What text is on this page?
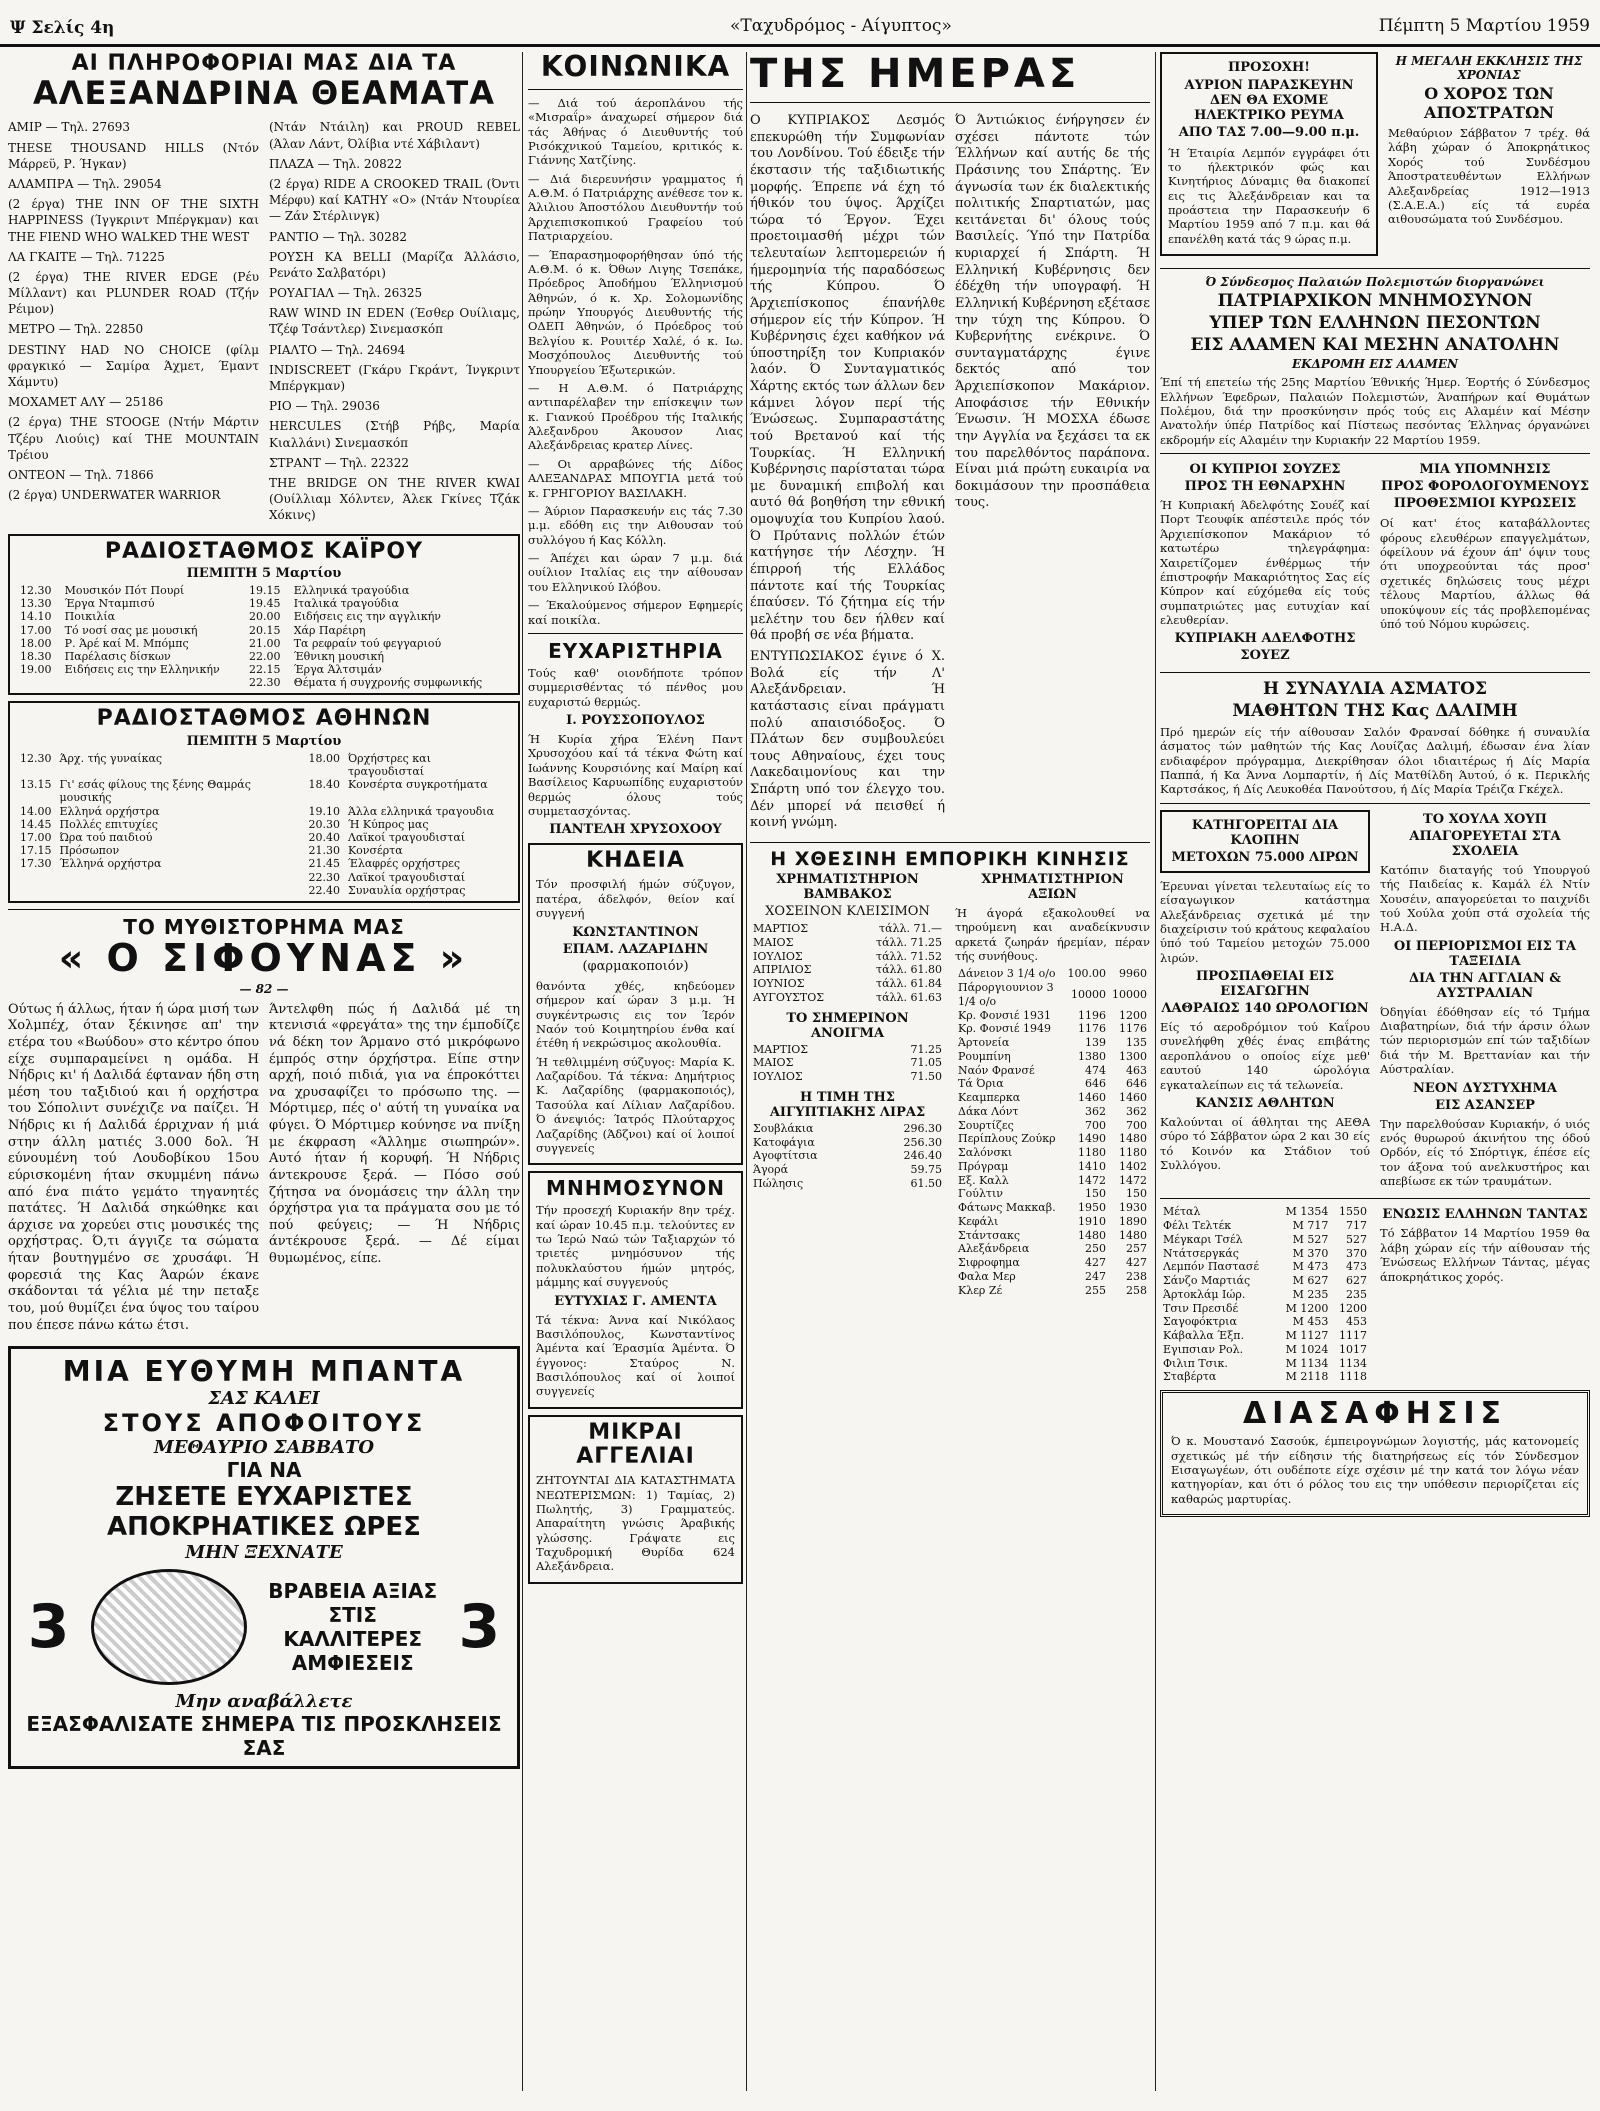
Ψ Σελίς 4η	«Ταχυδρόμος - Αίγυπτος»	Πέμπτη 5 Μαρτίου 1959
ΑΙ ΠΛΗΡΟΦΟΡΙΑΙ ΜΑΣ ΔΙΑ ΤΑ
ΑΛΕΞΑΝΔΡΙΝΑ ΘΕΑΜΑΤΑ
ΑΜΙΡ — Τηλ. 27693
THESE THOUSAND HILLS (Ντόν Μάρρεϋ, Ρ. Ήγκαν)
ΑΛΑΜΠΡΑ — Τηλ. 29054
(2 έργα) THE INN OF THE SIXTH HAPPINESS (Ίγγκριντ Μπέργκμαν) και THE FIEND WHO WALKED THE WEST
ΛΑ ΓΚΑΙΤΕ — Τηλ. 71225
(2 έργα) THE RIVER EDGE (Ρέυ Μίλλαντ) και PLUNDER ROAD (Τζήν Ρέιμον)
ΜΕΤΡΟ — Τηλ. 22850
DESTINY HAD NO CHOICE (φίλμ φραγκικό — Σαμίρα Άχμετ, Έμαντ Χάμντυ)
ΜΟΧΑΜΕΤ ΑΛΥ — 25186
(2 έργα) THE STOOGE (Ντήν Μάρτιν Τζέρυ Λιούις) καί THE MOUNTAIN Τρέιου
ΟΝΤΕΟΝ — Τηλ. 71866
(2 έργα) UNDERWATER WARRIOR
(Ντάν Ντάιλη) και PROUD REBEL (Άλαν Λάντ, Όλίβια ντέ Χάβιλαντ)
ΠΛΑΖΑ — Τηλ. 20822
(2 έργα) RIDE A CROOKED TRAIL (Όντι Μέρφυ) καί ΚΑΤΗΥ «Ο» (Ντάν Ντουρίεα — Ζάν Στέρλινγκ)
ΡΑΝΤΙΟ — Τηλ. 30282
ΡΟΥΣΗ ΚΑ ΒΕLLI (Μαρίζα Άλλάσιο, Ρενάτο Σαλβατόρι)
ΡΟΥΑΓΙΑΛ — Τηλ. 26325
RAW WIND IN EDEN (Έσθερ Ουίλιαμς, Τζέφ Τσάντλερ) Σινεμασκόπ
ΡΙΑΛΤΟ — Τηλ. 24694
INDISCREET (Γκάρυ Γκράντ, Ίνγκριντ Μπέργκμαν)
ΡΙΟ — Τηλ. 29036
HERCULES (Στήβ Ρήβς, Μαρία Κιαλλάνι) Σινεμασκόπ
ΣΤΡΑΝΤ — Τηλ. 22322
THE BRIDGE ON THE RIVER KWAI (Ουίλλιαμ Χόλντεν, Άλεκ Γκίνες Τζάκ Χόκινς)
ΡΑΔΙΟΣΤΑΘΜΟΣ ΚΑΪΡΟΥ
ΠΕΜΠΤΗ 5 Μαρτίου
12.30	Μουσικόν Πότ Πουρί	19.15	Ελληνικά τραγούδια
13.30	Έργα Νταμπισύ	19.45	Ιταλικά τραγούδια
14.10	Ποικιλία	20.00	Ειδήσεις εις την αγγλικήν
17.00	Τό νοσί σας με μουσική	20.15	Χάρ Παρέιρη
18.00	Ρ. Άρέ καί Μ. Μπόμπς	21.00	Τα ρεφραίν τού φεγγαριού
18.30	Παρέλασις δίσκων	22.00	Έθνικη μουσική
19.00	Ειδήσεις εις την Ελληνικήν	22.15	Έργα Άλτσιμάν
		22.30	Θέματα ή συγχρονής συμφωνικής
ΡΑΔΙΟΣΤΑΘΜΟΣ ΑΘΗΝΩΝ
ΠΕΜΠΤΗ 5 Μαρτίου
12.30	Άρχ. τής γυναίκας	18.00	Όρχήστρες και τραγουδισταί
13.15	Γι' εσάς φίλους της ξένης Θαμράς μουσικής	18.40	Κονσέρτα συγκροτήματα
14.00	Ελληνά ορχήστρα	19.10	Άλλα ελληνικά τραγουδια
14.45	Πολλές επιτυχίες	20.30	Ή Κύπρος μας
17.00	Ώρα τού παιδιού	20.40	Λαϊκοί τραγουδισταί
17.15	Πρόσωπον	21.30	Κονσέρτα
17.30	Έλληνά ορχήστρα	21.45	Έλαφρές ορχήστρες
		22.30	Λαϊκοί τραγουδισταί
		22.40	Συναυλία ορχήστρας
ΤΟ ΜΥΘΙΣΤΟΡΗΜΑ ΜΑΣ
« Ο ΣΙΦΟΥΝΑΣ »
— 82 —

Ούτως ή άλλως, ήταν ή ώρα μισή των Χολμπέχ, όταν ξέκινησε απ' την ετέρα του «Βωύδου» στο κέντρο όπου είχε συμπαραμείνει η ομάδα. Η Νήδρις κι' ή Δαλιδά έφταναν ήδη στη μέση του ταξιδιού και ή ορχήστρα του Σόπολιντ συνέχιζε να παίζει. Ή Νήδρις κι ή Δαλιδά έρριχναν ή μιά στην άλλη ματιές 3.000 δολ. Ή εύνουμένη τού Λουδοβίκου 15ου εύρισκομένη ήταν σκυμμένη πάνω από ένα πιάτο γεμάτο τηγανητές πατάτες. Ή Δαλιδά σηκώθηκε και άρχισε να χορεύει στις μουσικές της ορχήστρας. Ό,τι άγγιζε τα σώματα ήταν βουτηγμένο σε χρυσάφι. Ή φορεσιά της Κας Άαρών έκανε σκάδονται τά γέλια μέ την πεταξε του, μού θυμίζει ένα ύψος του ταίρου που έπεσε πάνω κάτω έτσι.

Άντελφθη πώς ή Δαλιδά μέ τη κτενισιά «φρεγάτα» της την έμποδίζε νά δέκη τον Άρμανο στό μικρόφωνο έμπρός στην όρχήστρα. Είπε στην αρχή, ποιό πιδιά, για να έπροκόττει να χρυσαφίζει το πρόσωπο της. — Μόρτιμερ, πές ο' αύτή τη γυναίκα να φύγει. Ό Μόρτιμερ κούνησε να πνίξη με έκφραση «Άλλημε σιωπηρών». Αυτό ήταν ή κορυφή. Ή Νήδρις άντεκρουσε ξερά. — Πόσο σού ζήτησα να όνομάσεις την άλλη την όρχήστρα για τα πράγματα σου με τό πού φεύγεις; — Ή Νήδρις άντέκρουσε ξερά. — Δέ είμαι θυμωμένος, είπε.

ΜΙΑ ΕΥΘΥΜΗ ΜΠΑΝΤΑ
ΣΑΣ ΚΑΛΕΙ
ΣΤΟΥΣ ΑΠΟΦΟΙΤΟΥΣ
ΜΕΘΑΥΡΙΟ ΣΑΒΒΑΤΟ
ΓΙΑ ΝΑ
ΖΗΣΕΤΕ ΕΥΧΑΡΙΣΤΕΣ
ΑΠΟΚΡΗΑΤΙΚΕΣ ΩΡΕΣ
ΜΗΝ ΞΕΧΝΑΤΕ
3
ΒΡΑΒΕΙΑ ΑΞΙΑΣ
ΣΤΙΣ
ΚΑΛΛΙΤΕΡΕΣ
ΑΜΦΙΕΣΕΙΣ
3
Μην αναβάλλετε
ΕΞΑΣΦΑΛΙΣΑΤΕ ΣΗΜΕΡΑ ΤΙΣ ΠΡΟΣΚΛΗΣΕΙΣ ΣΑΣ
ΚΟΙΝΩΝΙΚΑ
— Διά τού άεροπλάνου τής «Μισραΐρ» άναχωρεί σήμερον διά τάς Άθήνας ό Διευθυντής τού Ρισόκχνικού Ταμείου, κριτικός κ. Γιάννης Χατζίνης.
— Διά διερευνήσιν γραμματος ή Α.Θ.Μ. ό Πατριάρχης ανέθεσε τον κ. Άλιλιου Άποστόλου Διευθυντήν τού Άρχιεπισκοπικού Γραφείου τού Πατριαρχείου.
— Έπαρασημοφορήθησαν ύπό τής Α.Θ.Μ. ό κ. Όθων Λιγης Τσεπάκε, Πρόεδρος Άποδήμου Έλληνισμού Άθηνών, ό κ. Χρ. Σολομωνίδης πρώην Υπουργός Διευθυντής τής ΟΔΕΠ Άθηνών, ό Πρόεδρος τού Βελγίου κ. Ρουιτέρ Χαλέ, ό κ. Ιω. Μοσχόπουλος Διευθυντής τού Υπουργείου Έξωτερικών.
— Η Α.Θ.Μ. ό Πατριάρχης αντιπαρέλαβεν την επίσκεψιν των κ. Γιανκού Προέδρου τής Ιταλικής Άλεξανδρου Άκουσον Λιας Αλεξάνδρειας κρατερ Λίνες.
— Οι αρραβώνες τής Δίδος ΑΛΕΞΑΝΔΡΑΣ ΜΠΟΥΓΙΑ μετά τού κ. ΓΡΗΓΟΡΙΟΥ ΒΑΣΙΛΑΚΗ.
— Άύριον Παρασκευήν εις τάς 7.30 μ.μ. εδόθη εις την Αιθουσαν τού συλλόγου ή Κας Κόλλη.
— Άπέχει και ώραν 7 μ.μ. διά ουίλιον Ιταλίας εις την αίθουσαν του Ελληνικού Ιλόβου.
— Έκαλούμενος σήμερον Εφημερίς καί ποικίλα.
ΕΥΧΑΡΙΣΤΗΡΙΑ

Τούς καθ' οιονδήποτε τρόπον συμμερισθέντας τό πένθος μου ευχαριστώ θερμώς.

Ι. ΡΟΥΣΣΟΠΟΥΛΟΣ

Ή Κυρία χήρα Έλένη Παντ Χρυσοχόου καί τά τέκνα Φώτη καί Ιωάννης Κουρσιόνης καί Μαίρη καί Βασίλειος Καρυωπίδης ευχαριστούν θερμώς όλους τούς συμμετασχόντας.

ΠΑΝΤΕΛΗ ΧΡΥΣΟΧΟΟΥ
ΚΗΔΕΙΑ

Τόν προσφιλή ήμών σύζυγον, πατέρα, άδελφόν, θείον καί συγγενή

ΚΩΝΣΤΑΝΤΙΝΟΝ
ΕΠΑΜ. ΛΑΖΑΡΙΔΗΝ
(φαρμακοποιόν)

θανόντα χθές, κηδεύομεν σήμερον καί ώραν 3 μ.μ. Ή συγκέντρωσις εις τον Ίερόν Ναόν τού Κοιμητηρίου ένθα καί έτέθη ή νεκρώσιμος ακολουθία.

Ή τεθλιμμένη σύζυγος: Μαρία Κ. Λαζαρίδου. Τά τέκνα: Δημήτριος Κ. Λαζαρίδης (φαρμακοποιός), Τασούλα καί Λίλιαν Λαζαρίδου. Ό άνεψιός: Ίατρός Πλούταρχος Λαζαρίδης (Άδζνοι) καί οί λοιποί συγγενείς

ΜΝΗΜΟΣΥΝΟΝ

Τήν προσεχή Κυριακήν 8ην τρέχ. καί ώραν 10.45 π.μ. τελούντες εν τω Ίερώ Ναώ τών Ταξιαρχών τό τριετές μνημόσυνον τής πολυκλαύστου ήμών μητρός, μάμμης καί συγγενούς

ΕΥΤΥΧΙΑΣ Γ. ΑΜΕΝΤΑ

Τά τέκνα: Άννα καί Νικόλαος Βασιλόπουλος, Κωνσταντίνος Άμέντα καί Έρασμία Άμέντα. Ό έγγονος: Σταύρος Ν. Βασιλόπουλος καί οί λοιποί συγγενείς

ΜΙΚΡΑΙ ΑΓΓΕΛΙΑΙ

ΖΗΤΟΥΝΤΑΙ ΔΙΑ ΚΑΤΑΣΤΗΜΑΤΑ ΝΕΩΤΕΡΙΣΜΩΝ: 1) Ταμίας, 2) Πωλητής, 3) Γραμματεύς. Απαραίτητη γνώσις Άραβικής γλώσσης. Γράψατε εις Ταχυδρομική Θυρίδα 624 Αλεξάνδρεια.

ΤΗΣ ΗΜΕΡΑΣ

Ο ΚΥΠΡΙΑΚΟΣ Δεσμός επεκυρώθη τήν Συμφωνίαν του Λονδίνου. Τού έδειξε τήν έκστασιν τής ταξιδιωτικής μορφής. Έπρεπε νά έχη τό ήθικόν του ύψος. Άρχίζει τώρα τό Έργον. Έχει προετοιμασθή μέχρι τών τελευταίων λεπτομερειών ή ήμερομηνία τής παραδόσεως τής Κύπρου. Ό Άρχιεπίσκοπος έπανήλθε σήμερον είς τήν Κύπρον. Ή Κυβέρνησις έχει καθήκον νά ύποστηρίξη τον Κυπριακόν λαόν. Ό Συνταγματικός Χάρτης εκτός των άλλων δεν κάμνει λόγον περί τής Ένώσεως. Συμπαραστάτης τού Βρετανού καί τής Τουρκίας. Ή Ελληνική Κυβέρνησις παρίσταται τώρα με δυναμική επιβολή και αυτό θά βοηθήση την εθνική ομοψυχία του Κυπρίου λαού. Ό Πρύτανις πολλών έτών κατήγησε τήν Λέσχην. Ή έπιρροή τής Ελλάδος πάντοτε καί τής Τουρκίας έπαύσεν. Τό ζήτημα είς τήν μελέτην του δεν ήλθεν καί θά προβή σε νέα βήματα.

ΕΝΤΥΠΩΣΙΑΚΟΣ έγινε ό Χ. Βολά είς τήν Λ' Αλεξάνδρειαν. Ή κατάστασις είναι πράγματι πολύ απαισιόδοξος. Ό Πλάτων δεν συμβουλεύει τους Αθηναίους, έχει τους Λακεδαιμονίους και την Σπάρτη υπό τον έλεγχο του. Δέν μπορεί νά πεισθεί ή κοινή γνώμη.

Ό Άντιώκιος ένήργησεν έν σχέσει πάντοτε τών Έλλήνων καί αυτής δε τής Πράσινης του Σπάρτης. Έν άγνωσία των έκ διαλεκτικής πολιτικής Σπαρτιατών, μας κειτάνεται δι' όλους τούς Βασιλείς. Ύπό την Πατρίδα κυριαρχεί ή Σπάρτη. Ή Ελληνική Κυβέρνησις δεν έδέχθη τήν υπογραφή. Ή Ελληνική Κυβέρνηση εξέτασε την τύχη της Κύπρου. Ό Κυβερνήτης ενέκρινε. Ό συνταγματάρχης έγινε δεκτός από τον Άρχιεπίσκοπον Μακάριον. Αποφάσισε τήν Εθνικήν Ένωσιν. Ή ΜΟΣΧΑ έδωσε την Αγγλία να ξεχάσει τα εκ του παρελθόντος παράπονα. Είναι μιά πρώτη ευκαιρία να δοκιμάσουν την προσπάθεια τους.

Η ΧΘΕΣΙΝΗ ΕΜΠΟΡΙΚΗ ΚΙΝΗΣΙΣ
ΧΡΗΜΑΤΙΣΤΗΡΙΟΝ ΒΑΜΒΑΚΟΣ
ΧΟΣΕΙΝΟΝ ΚΛΕΙΣΙΜΟΝ
ΜΑΡΤΙΟΣ	τάλλ. 71.—
ΜΑΙΟΣ	τάλλ. 71.25
ΙΟΥΛΙΟΣ	τάλλ. 71.52
ΑΠΡΙΛΙΟΣ	τάλλ. 61.80
ΙΟΥΝΙΟΣ	τάλλ. 61.84
ΑΥΓΟΥΣΤΟΣ	τάλλ. 61.63
ΤΟ ΣΗΜΕΡΙΝΟΝ ΑΝΟΙΓΜΑ
ΜΑΡΤΙΟΣ	71.25
ΜΑΙΟΣ	71.05
ΙΟΥΛΙΟΣ	71.50
Η ΤΙΜΗ ΤΗΣ ΑΙΓΥΠΤΙΑΚΗΣ ΛΙΡΑΣ
Σουβλάκια	296.30
Κατοφάγια	256.30
Αγοφτίτσια	246.40
Άγορά	59.75
Πώλησις	61.50
ΧΡΗΜΑΤΙΣΤΗΡΙΟΝ ΑΞΙΩΝ

Ή άγορά εξακολουθεί να τηρούμενη και αναδείκνυσιν αρκετά ζωηράν ήρεμίαν, πέραν τής συνήθους.

Δάνειον 3 1/4 ο/ο	100.00	9960
Πάροργιουνιον 3 1/4 ο/ο	10000	10000
Κρ. Φονσιέ 1931	1196	1200
Κρ. Φονσιέ 1949	1176	1176
Άρτονεία	139	135
Ρουμπίνη	1380	1300
Ναόν Φρανσέ	474	463
Τά Όρια	646	646
Κεαμπερκα	1460	1460
Δάκα Λόντ	362	362
Σουρτίζες	700	700
Περίπλους Ζούκρ	1490	1480
Σαλόνσκι	1180	1180
Πρόγραμ	1410	1402
Εξ. Καλλ	1472	1472
Γούλτιν	150	150
Φάτωνς Μακκαβ.	1950	1930
Κεφάλι	1910	1890
Στάντσακς	1480	1480
Αλεξάνδρεια	250	257
Σιφροφημα	427	427
Φαλα Μερ	247	238
Κλερ Ζέ	255	258
ΠΡΟΣΟΧΗ!
ΑΥΡΙΟΝ ΠΑΡΑΣΚΕΥΗΝ ΔΕΝ ΘΑ ΕΧΟΜΕ ΗΛΕΚΤΡΙΚΟ ΡΕΥΜΑ
ΑΠΟ ΤΑΣ 7.00—9.00 π.μ.

Ή Έταιρία Λεμπόν εγγράφει ότι το ήλεκτρικόν φώς και Κινητήριος Δύναμις θα διακοπεί εις τις Άλεξάνδρειαν και τα προάστεια την Παρασκευήν 6 Μαρτίου 1959 από 7 π.μ. και θά επανέλθη κατά τάς 9 ώρας π.μ.

Η ΜΕΓΑΛΗ ΕΚΚΛΗΣΙΣ ΤΗΣ ΧΡΟΝΙΑΣ
Ο ΧΟΡΟΣ ΤΩΝ ΑΠΟΣΤΡΑΤΩΝ

Μεθαύριον Σάββατον 7 τρέχ. θά λάβη χώραν ό Άποκρηάτικος Χορός τού Συνδέσμου Άποστρατευθέντων Ελλήνων Αλεξανδρείας 1912—1913 (Σ.Α.Ε.Α.) είς τά ευρέα αιθουσώματα τού Συνδέσμου.

Ό Σύνδεσμος Παλαιών Πολεμιστών διοργανώνει
ΠΑΤΡΙΑΡΧΙΚΟΝ ΜΝΗΜΟΣΥΝΟΝ
ΥΠΕΡ ΤΩΝ ΕΛΛΗΝΩΝ ΠΕΣΟΝΤΩΝ
ΕΙΣ ΑΛΑΜΕΝ ΚΑΙ ΜΕΣΗΝ ΑΝΑΤΟΛΗΝ
ΕΚΔΡΟΜΗ ΕΙΣ ΑΛΑΜΕΝ

Έπί τή επετείω τής 25ης Μαρτίου Έθνικής Ήμερ. Έορτής ό Σύνδεσμος Ελλήνων Έφεδρων, Παλαιών Πολεμιστών, Άναπήρων καί Θυμάτων Πολέμου, διά την προσκύνησιν πρός τούς εις Αλαμέιν καί Μέσην Ανατολήν ύπέρ Πατρίδος καί Πίστεως πεσόντας Έλληνας όργανώνει εκδρομήν είς Αλαμέιν την Κυριακήν 22 Μαρτίου 1959.

ΟΙ ΚΥΠΡΙΟΙ ΣΟΥΖΕΣ
ΠΡΟΣ ΤΗ ΕΘΝΑΡΧΗΝ

Ή Κυπριακή Άδελφότης Σουέζ καί Πορτ Τεουφίκ απέστειλε πρός τόν Άρχιεπίσκοπον Μακάριον τό κατωτέρω τηλεγράφημα: Χαιρετίζομεν ένθέρμως τήν έπιστροφήν Μακαριότητος Σας είς Κύπρον καί εύχόμεθα είς τούς συμπατριώτες μας ευτυχίαν καί ελευθερίαν.

ΚΥΠΡΙΑΚΗ ΑΔΕΛΦΟΤΗΣ ΣΟΥΕΖ
ΜΙΑ ΥΠΟΜΝΗΣΙΣ
ΠΡΟΣ ΦΟΡΟΛΟΓΟΥΜΕΝΟΥΣ
ΠΡΟΘΕΣΜΙΟΙ ΚΥΡΩΣΕΙΣ

Οί κατ' έτος καταβάλλοντες φόρους ελευθέρων επαγγελμάτων, όφείλουν νά έχουν άπ' όψιν τους ότι υποχρεούνται τάς προσ' σχετικές δηλώσεις τους μέχρι τέλους Μαρτίου, άλλως θά υποκύψουν είς τάς προβλεπομένας ύπό τού Νόμου κυρώσεις.

Η ΣΥΝΑΥΛΙΑ ΑΣΜΑΤΟΣ
ΜΑΘΗΤΩΝ ΤΗΣ Κας ΔΑΛΙΜΗ

Πρό ημερών είς τήν αίθουσαν Σαλόν Φρανσαί δόθηκε ή συναυλία άσματος τών μαθητών τής Κας Λουίζας Δαλιμή, έδωσαν ένα λίαν ενδιαφέρον πρόγραμμα, Διεκρίθησαν όλοι ιδιαιτέρως ή Δίς Μαρία Παππά, ή Κα Άννα Λομπαρτίν, ή Δίς Ματθίλδη Άυτού, ό κ. Περικλής Καρτσάκος, ή Δίς Λευκοθέα Πανούτσου, ή Δίς Μαρία Τρέιζα Γκέχελ.

ΚΑΤΗΓΟΡΕΙΤΑΙ ΔΙΑ ΚΛΟΠΗΝ
ΜΕΤΟΧΩΝ 75.000 ΛΙΡΩΝ

Έρευναι γίνεται τελευταίως είς το είσαγωγικον κατάστημα Αλεξάνδρειας σχετικά μέ την διαχείρισιν τού κράτους κεφαλαίου ύπό τού Ταμείου μετοχών 75.000 λιρών.

ΠΡΟΣΠΑΘΕΙΑΙ ΕΙΣ ΕΙΣΑΓΩΓΗΝ
ΛΑΘΡΑΙΩΣ 140 ΩΡΟΛΟΓΙΩΝ

Είς τό αεροδρόμιον τού Καΐρου συνελήφθη χθές ένας επιβάτης αεροπλάνου ο οποίος είχε μεθ' εαυτού 140 ώρολόγια εγκαταλείπων εις τά τελωνεία.

ΚΑΝΣΙΣ ΑΘΛΗΤΩΝ

Καλούνται οί άθληται της ΑΕΘΑ σύρο τό Σάββατον ώρα 2 και 30 είς τό Κοινόν κα Στάδιον τού Συλλόγου.

ΤΟ ΧΟΥΛΑ ΧΟΥΠ
ΑΠΑΓΟΡΕΥΕΤΑΙ ΣΤΑ ΣΧΟΛΕΙΑ

Κατόπιν διαταγής τού Υπουργού τής Παιδείας κ. Καμάλ έλ Ντίν Χουσέιν, απαγορεύεται το παιχνίδι τού Χούλα χούπ στά σχολεία τής Η.Α.Δ.

ΟΙ ΠΕΡΙΟΡΙΣΜΟΙ ΕΙΣ ΤΑ ΤΑΞΕΙΔΙΑ
ΔΙΑ ΤΗΝ ΑΓΓΛΙΑΝ & ΑΥΣΤΡΑΛΙΑΝ

Όδηγίαι έδόθησαν είς τό Τμήμα Διαβατηρίων, διά τήν άρσιν όλων τών περιορισμών επί τών ταξιδίων διά τήν Μ. Βρεττανίαν και τήν Αύστραλίαν.

ΝΕΟΝ ΔΥΣΤΥΧΗΜΑ
ΕΙΣ ΑΣΑΝΣΕΡ

Την παρελθούσαν Κυριακήν, ό υιός ενός θυρωρού άκινήτου της όδού Ορδόν, είς τό Σπόρτιγκ, έπέσε είς τον άξονα τού ανελκυστήρος και απεβίωσε εκ τών τραυμάτων.

Μέταλ	Μ 1354	1550
Φέλι Τελτέκ	Μ 717	717
Μέγκαρι Τσέλ	Μ 527	527
Ντάτσεργκάς	Μ 370	370
Λεμπόν Παστασέ	Μ 473	473
Σάνζο Μαρτιάς	Μ 627	627
Άρτοκλάμ Ιώρ.	Μ 235	235
Τσιν Πρεσιδέ	Μ 1200	1200
Σαγοφόκτρια	Μ 453	453
Κάβαλλα Έξπ.	Μ 1127	1117
Εγιπσιαν Ρολ.	Μ 1024	1017
Φιλιπ Τσικ.	Μ 1134	1134
Σταβέρτα	Μ 2118	1118
ΕΝΩΣΙΣ ΕΛΛΗΝΩΝ ΤΑΝΤΑΣ

Τό Σάββατον 14 Μαρτίου 1959 θα λάβη χώραν είς τήν αίθουσαν τής Ένώσεως Ελλήνων Τάντας, μέγας άποκρηάτικος χορός.

ΔΙΑΣΑΦΗΣΙΣ

Ό κ. Μουστανό Σασούκ, έμπειρογνώμων λογιστής, μάς κατονομείς σχετικώς μέ τήν είδησιν τής διατηρήσεως είς τόν Σύνδεσμον Εισαγωγέων, ότι ουδέποτε είχε σχέσιν μέ την κατά τον λόγω νέαν κατηγορίαν, και ότι ό ρόλος του εις την υπόθεσιν περιορίζεται είς καθαρώς μαρτυρίας.
